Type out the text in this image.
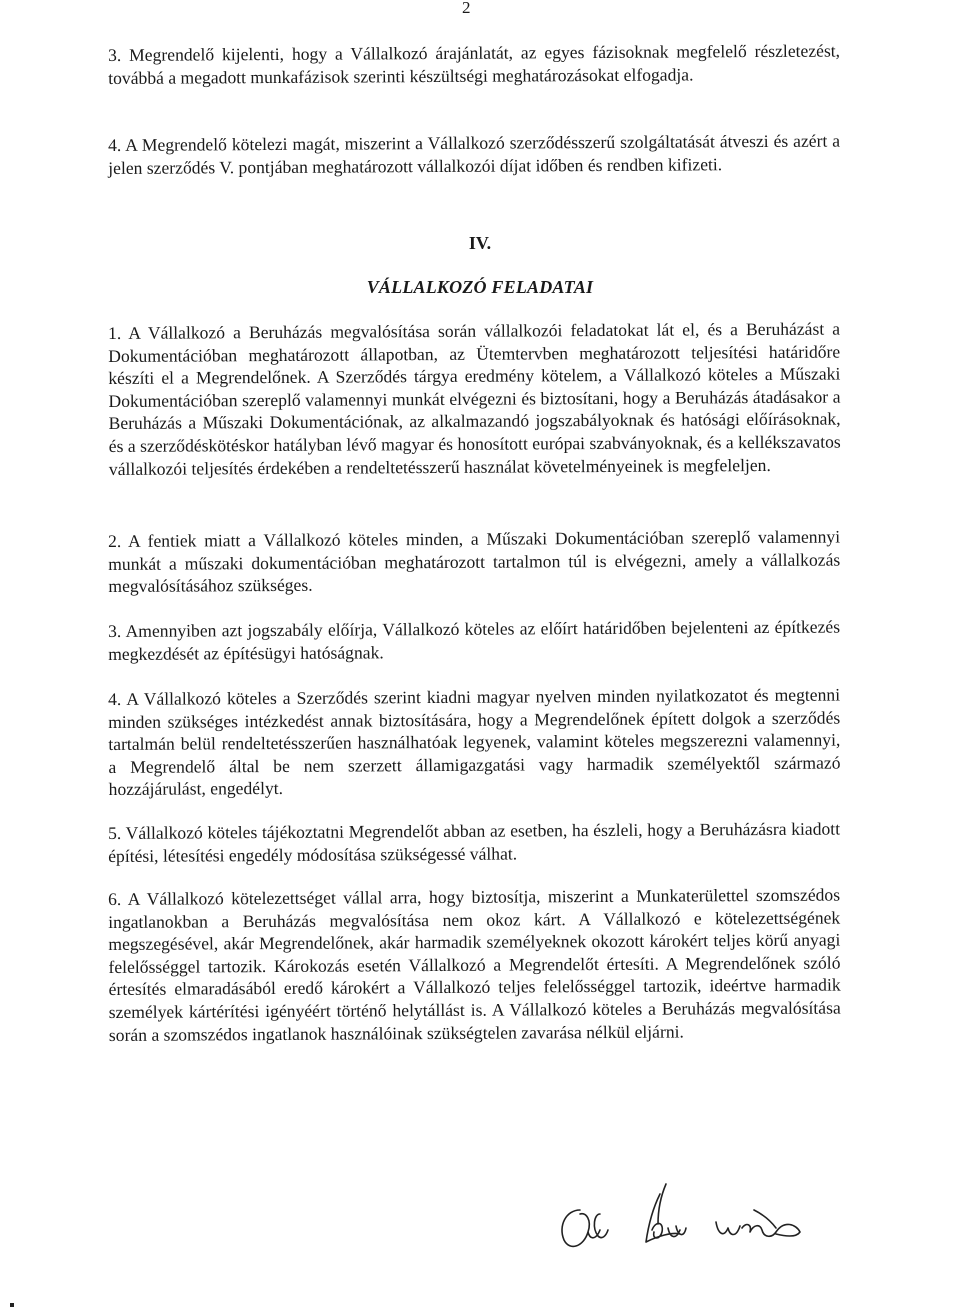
2

3. Megrendelő kijelenti, hogy a Vállalkozó árajánlatát, az egyes fázisoknak megfelelő részletezést, továbbá a megadott munkafázisok szerinti készültségi meghatározásokat elfogadja.

4. A Megrendelő kötelezi magát, miszerint a Vállalkozó szerződésszerű szolgáltatását átveszi és azért a jelen szerződés V. pontjában meghatározott vállalkozói díjat időben és rendben kifizeti.

IV.
VÁLLALKOZÓ FELADATAI

1. A Vállalkozó a Beruházás megvalósítása során vállalkozói feladatokat lát el, és a Beruházást a Dokumentációban meghatározott állapotban, az Ütemtervben meghatározott teljesítési határidőre készíti el a Megrendelőnek. A Szerződés tárgya eredmény kötelem, a Vállalkozó köteles a Műszaki Dokumentációban szereplő valamennyi munkát elvégezni és biztosítani, hogy a Beruházás átadásakor a Beruházás a Műszaki Dokumentációnak, az alkalmazandó jogszabályoknak és hatósági előírásoknak, és a szerződéskötéskor hatályban lévő magyar és honosított európai szabványoknak, és a kellékszavatos vállalkozói teljesítés érdekében a rendeltetésszerű használat követelményeinek is megfeleljen.

2. A fentiek miatt a Vállalkozó köteles minden, a Műszaki Dokumentációban szereplő valamennyi munkát a műszaki dokumentációban meghatározott tartalmon túl is elvégezni, amely a vállalkozás megvalósításához szükséges.

3. Amennyiben azt jogszabály előírja, Vállalkozó köteles az előírt határidőben bejelenteni az építkezés megkezdését az építésügyi hatóságnak.

4. A Vállalkozó köteles a Szerződés szerint kiadni magyar nyelven minden nyilatkozatot és megtenni minden szükséges intézkedést annak biztosítására, hogy a Megrendelőnek épített dolgok a szerződés tartalmán belül rendeltetésszerűen használhatóak legyenek, valamint köteles megszerezni valamennyi, a Megrendelő által be nem szerzett államigazgatási vagy harmadik személyektől származó hozzájárulást, engedélyt.

5. Vállalkozó köteles tájékoztatni Megrendelőt abban az esetben, ha észleli, hogy a Beruházásra kiadott építési, létesítési engedély módosítása szükségessé válhat.

6. A Vállalkozó kötelezettséget vállal arra, hogy biztosítja, miszerint a Munkaterülettel szomszédos ingatlanokban a Beruházás megvalósítása nem okoz kárt. A Vállalkozó e kötelezettségének megszegésével, akár Megrendelőnek, akár harmadik személyeknek okozott károkért teljes körű anyagi felelősséggel tartozik. Károkozás esetén Vállalkozó a Megrendelőt értesíti. A Megrendelőnek szóló értesítés elmaradásából eredő károkért a Vállalkozó teljes felelősséggel tartozik, ideértve harmadik személyek kártérítési igényéért történő helytállást is. A Vállalkozó köteles a Beruházás megvalósítása során a szomszédos ingatlanok használóinak szükségtelen zavarása nélkül eljárni.
